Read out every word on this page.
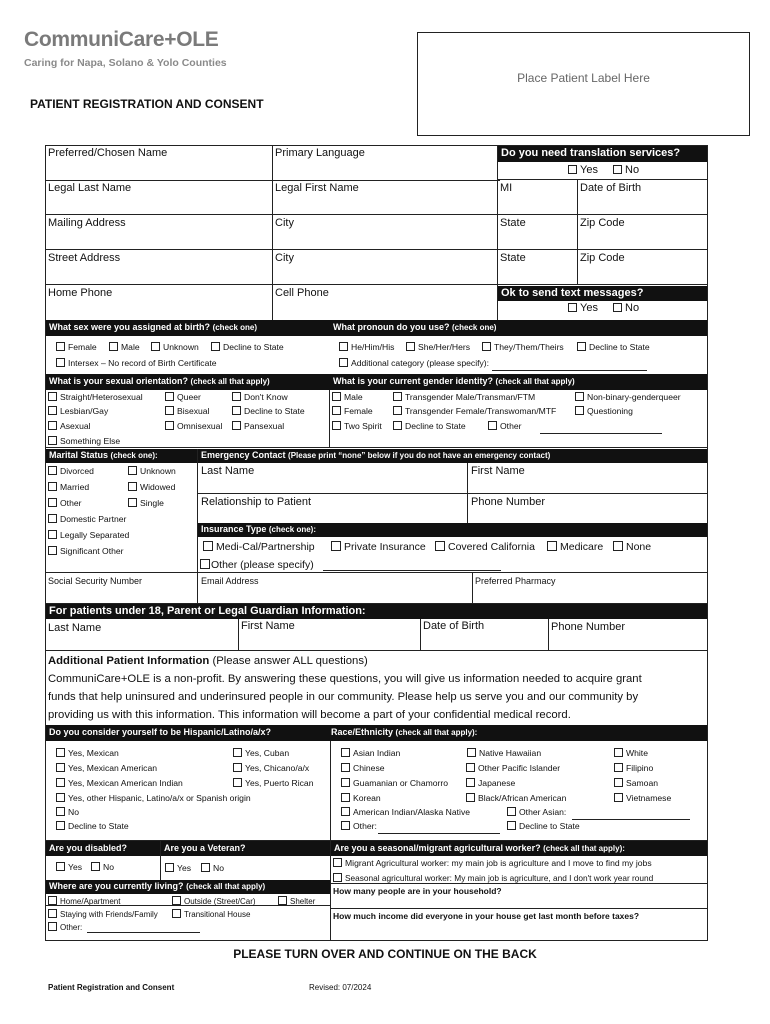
CommuniCare+OLE
Caring for Napa, Solano & Yolo Counties
Place Patient Label Here
PATIENT REGISTRATION AND CONSENT
Preferred/Chosen Name	Primary Language	Do you need translation services?
Yes	No
Legal Last Name	Legal First Name	MI	Date of Birth
Mailing Address	City	State	Zip Code
Street Address	City	State	Zip Code
Home Phone	Cell Phone	Ok to send text messages?
Yes	No
What sex were you assigned at birth? (check one)	What pronoun do you use? (check one)
Female	Male	Unknown	Decline to State
Intersex – No record of Birth Certificate
He/Him/His	She/Her/Hers	They/Them/Theirs	Decline to State
Additional category (please specify):
What is your sexual orientation? (check all that apply)	What is your current gender identity? (check all that apply)
Straight/Heterosexual	Queer	Don't Know
Lesbian/Gay	Bisexual	Decline to State
Asexual	Omnisexual	Pansexual
Something Else
Male	Transgender Male/Transman/FTM	Non-binary-genderqueer
Female	Transgender Female/Transwoman/MTF	Questioning
Two Spirit	Decline to State	Other
Marital Status (check one):
Divorced	Unknown
Married	Widowed
Other	Single
Domestic Partner
Legally Separated
Significant Other
Emergency Contact (Please print “none” below if you do not have an emergency contact)
Last Name	First Name
Relationship to Patient	Phone Number
Insurance Type (check one):
Medi-Cal/Partnership	Private Insurance	Covered California	Medicare	None
Other (please specify)
Social Security Number	Email Address	Preferred Pharmacy
For patients under 18, Parent or Legal Guardian Information:
Last Name	First Name	Date of Birth	Phone Number
Additional Patient Information (Please answer ALL questions)
CommuniCare+OLE is a non-profit. By answering these questions, you will give us information needed to acquire grant
funds that help uninsured and underinsured people in our community. Please help us serve you and our community by
providing us with this information. This information will become a part of your confidential medical record.
Do you consider yourself to be Hispanic/Latino/a/x?	Race/Ethnicity (check all that apply):
Yes, Mexican	Yes, Cuban
Yes, Mexican American	Yes, Chicano/a/x
Yes, Mexican American Indian	Yes, Puerto Rican
Yes, other Hispanic, Latino/a/x or Spanish origin
No
Decline to State
Asian Indian	Native Hawaiian	White
Chinese	Other Pacific Islander	Filipino
Guamanian or Chamorro	Japanese	Samoan
Korean	Black/African American	Vietnamese
American Indian/Alaska Native	Other Asian:
Other:	Decline to State
Are you disabled?	Are you a Veteran?	Are you a seasonal/migrant agricultural worker? (check all that apply):
Yes	No	Yes	No	Migrant Agricultural worker: my main job is agriculture and I move to find my jobs
Seasonal agricultural worker: My main job is agriculture, and I don't work year round
Where are you currently living? (check all that apply)
Home/Apartment	Outside (Street/Car)	Shelter
Staying with Friends/Family	Transitional House
Other:
How many people are in your household?
How much income did everyone in your house get last month before taxes?
PLEASE TURN OVER AND CONTINUE ON THE BACK
Patient Registration and Consent	Revised: 07/2024
